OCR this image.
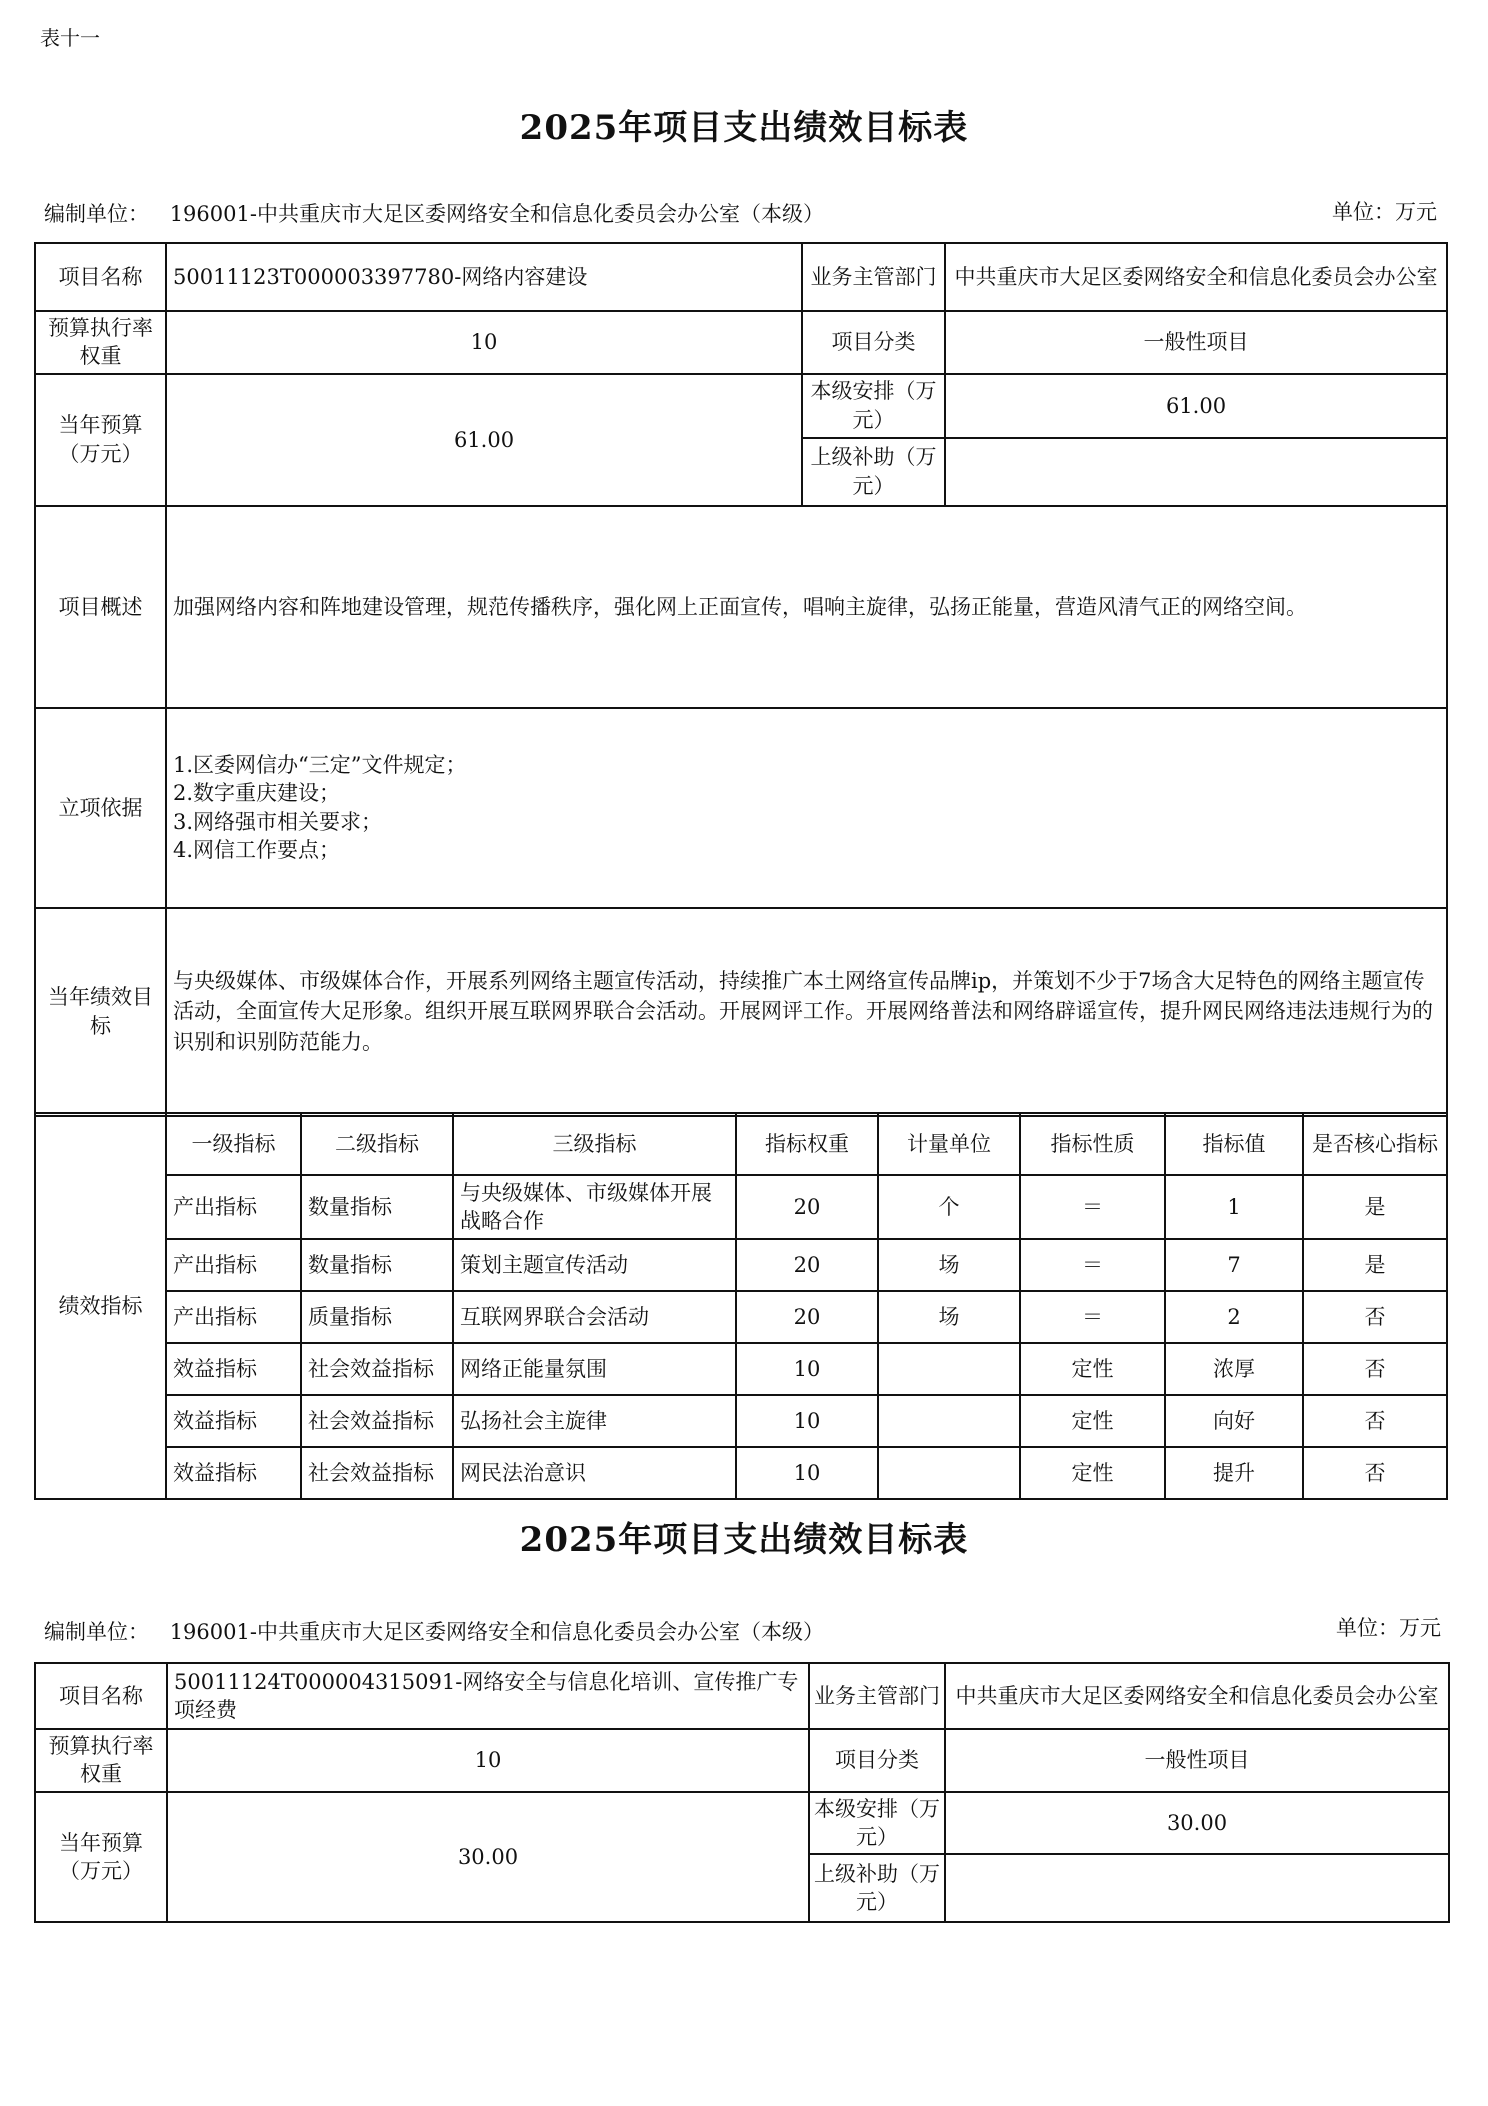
表十一
2025年项目支出绩效目标表
编制单位： 196001-中共重庆市大足区委网络安全和信息化委员会办公室（本级）	单位：万元
项目名称	50011123T000003397780-网络内容建设	业务主管部门	中共重庆市大足区委网络安全和信息化委员会办公室
预算执行率权重	10	项目分类	一般性项目
当年预算（万元）	61.00	本级安排（万元）	61.00
		上级补助（万元）	
项目概述	加强网络内容和阵地建设管理，规范传播秩序，强化网上正面宣传，唱响主旋律，弘扬正能量，营造风清气正的网络空间。		
立项依据	1.区委网信办“三定”文件规定；
2.数字重庆建设；
3.网络强市相关要求；
4.网信工作要点；		

当年绩效目标	与央级媒体、市级媒体合作，开展系列网络主题宣传活动，持续推广本土网络宣传品牌ip，并策划不少于7场含大足特色的网络主题宣传活动，全面宣传大足形象。组织开展互联网界联合会活动。开展网评工作。开展网络普法和网络辟谣宣传，提升网民网络违法违规行为的识别和识别防范能力。		
绩效指标	一级指标	二级指标	三级指标	指标权重	计量单位	指标性质	指标值	是否核心指标
	产出指标	数量指标	与央级媒体、市级媒体开展战略合作	20	个	＝	1	是
	产出指标	数量指标	策划主题宣传活动	20	场	＝	7	是
	产出指标	质量指标	互联网界联合会活动	20	场	＝	2	否
	效益指标	社会效益指标	网络正能量氛围	10		定性	浓厚	否
	效益指标	社会效益指标	弘扬社会主旋律	10		定性	向好	否
	效益指标	社会效益指标	网民法治意识	10		定性	提升	否
2025年项目支出绩效目标表
编制单位： 196001-中共重庆市大足区委网络安全和信息化委员会办公室（本级）	单位：万元
项目名称	50011124T000004315091-网络安全与信息化培训、宣传推广专项经费	业务主管部门	中共重庆市大足区委网络安全和信息化委员会办公室
预算执行率权重	10	项目分类	一般性项目
当年预算（万元）	30.00	本级安排（万元）	30.00
		上级补助（万元）	
